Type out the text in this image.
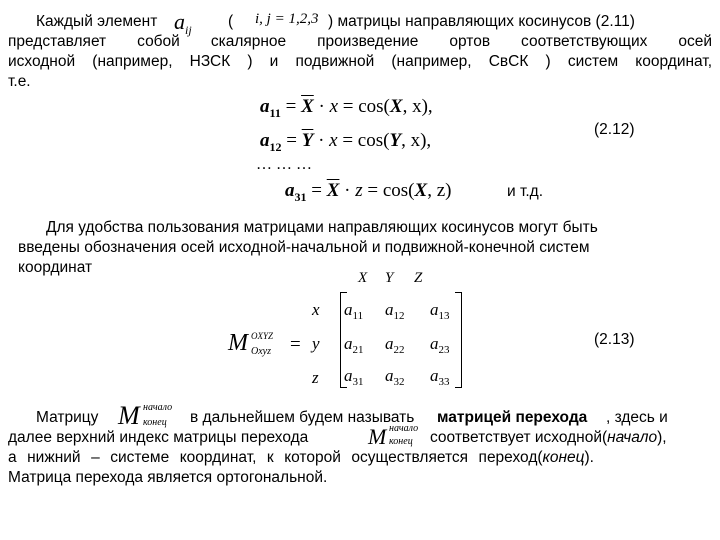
Каждый элемент $a_{ij}$ ( i, j = 1,2,3 ) матрицы направляющих косинусов (2.11)
представляет собой скалярное произведение ортов соответствующих осей
исходной (например, НЗСК ) и подвижной (например, СвСК ) систем координат,
т.е.
$a_{11} = \overline{X} \cdot x = \cos(X$, x),
(2.12)
$a_{12} = \overline{Y} \cdot x = \cos(Y$, x),
… … …
$a_{31} = \overline{X} \cdot z = \cos(X$, z)	и т.д.
Для удобства пользования матрицами направляющих косинусов могут быть
введены обозначения осей исходной-начальной и подвижной-конечной систем
координат
X Y Z
M OXYZ
Oxyz =
x
y
z
$a_{11}$ $a_{12}$ $a_{13}$
$a_{21}$ $a_{22}$ $a_{23}$
$a_{31}$ $a_{32}$ $a_{33}$
(2.13)
Матрицу M начало
конец в дальнейшем будем называть матрицей перехода , здесь и
далее верхний индекс матрицы перехода	M начало
конец соответствует исходной(начало),
а нижний – системе координат, к которой осуществляется переход(конец).
Матрица перехода является ортогональной.
